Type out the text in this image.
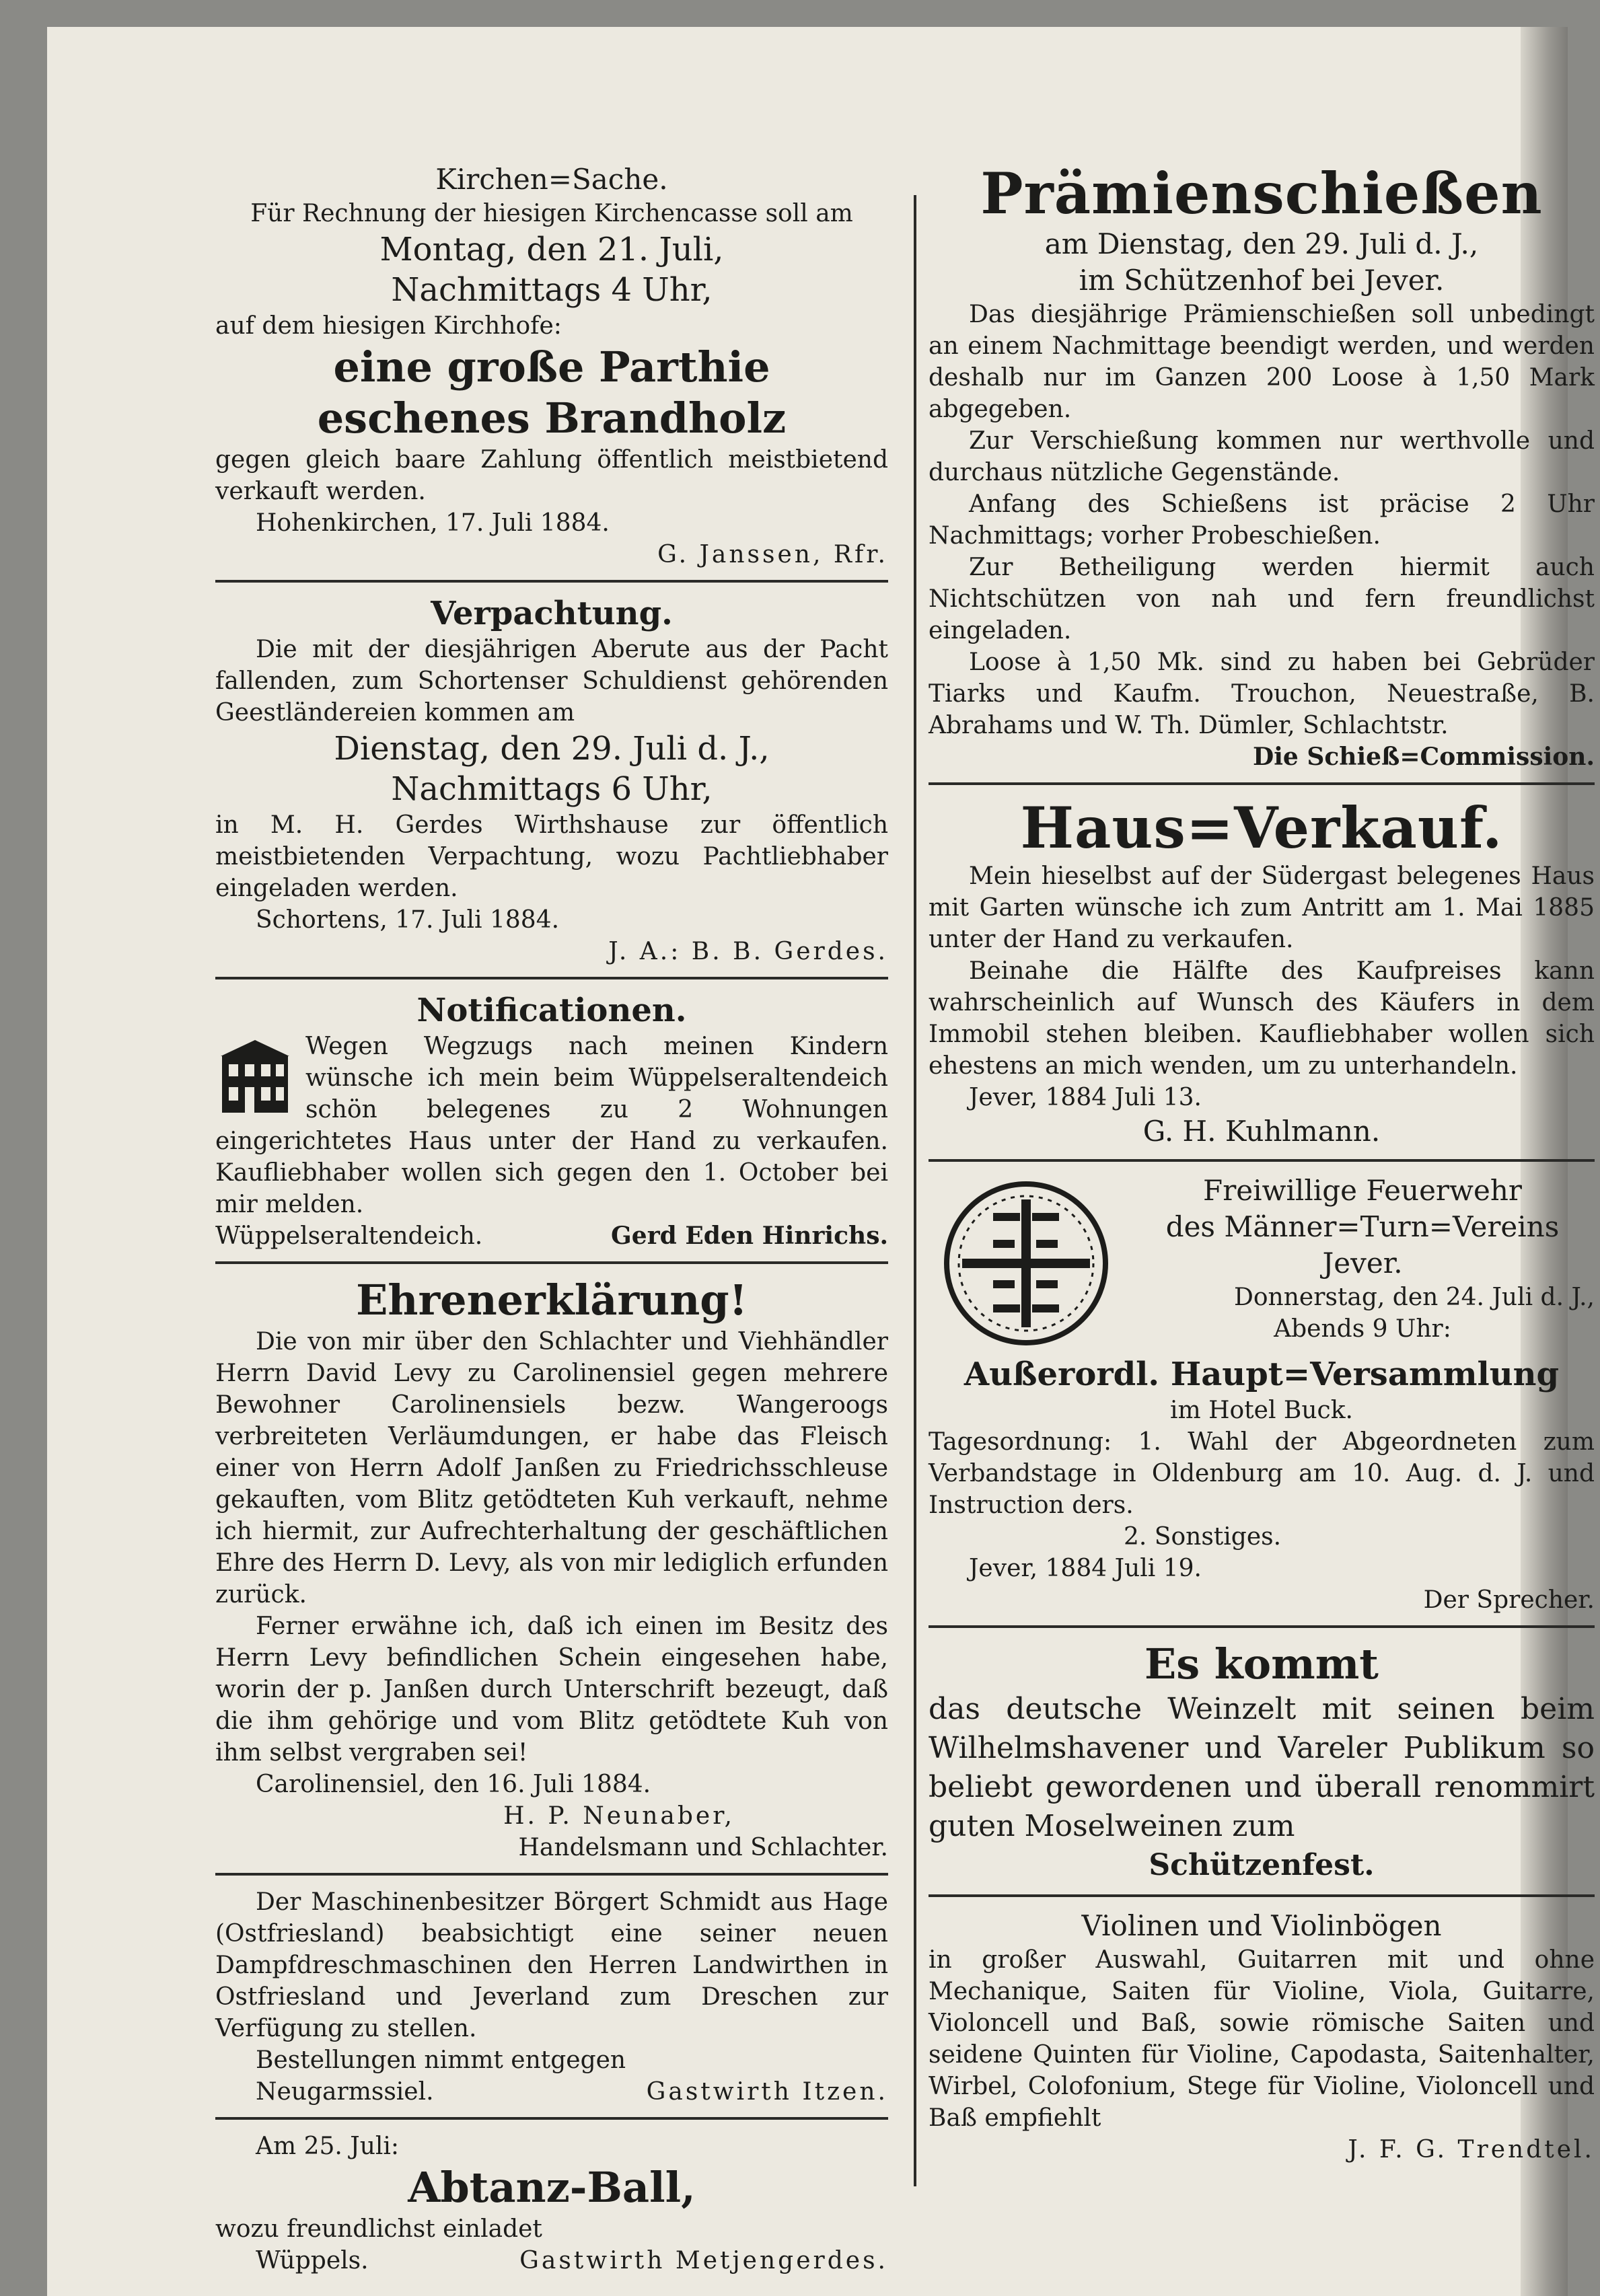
Kirchen=Sache.

Für Rechnung der hiesigen Kirchencasse soll am

Montag, den 21. Juli,

Nachmittags 4 Uhr,

auf dem hiesigen Kirchhofe:

eine große Parthie

eschenes Brandholz

gegen gleich baare Zahlung öffentlich meistbietend verkauft werden.

Hohenkirchen, 17. Juli 1884.

G. Janssen, Rfr.

Verpachtung.

Die mit der diesjährigen Aberute aus der Pacht fallenden, zum Schortenser Schuldienst gehörenden Geestländereien kommen am

Dienstag, den 29. Juli d. J.,

Nachmittags 6 Uhr,

in M. H. Gerdes Wirthshause zur öffentlich meistbietenden Verpachtung, wozu Pachtliebhaber eingeladen werden.

Schortens, 17. Juli 1884.

J. A.: B. B. Gerdes.

Notificationen.

Wegen Wegzugs nach meinen Kindern wünsche ich mein beim Wüppelseraltendeich schön belegenes zu 2 Wohnungen eingerichtetes Haus unter der Hand zu verkaufen. Kaufliebhaber wollen sich gegen den 1. October bei mir melden.

Wüppelseraltendeich.	Gerd Eden Hinrichs.

Ehrenerklärung!

Die von mir über den Schlachter und Viehhändler Herrn David Levy zu Carolinensiel gegen mehrere Bewohner Carolinensiels bezw. Wangeroogs verbreiteten Verläumdungen, er habe das Fleisch einer von Herrn Adolf Janßen zu Friedrichsschleuse gekauften, vom Blitz getödteten Kuh verkauft, nehme ich hiermit, zur Aufrechterhaltung der geschäftlichen Ehre des Herrn D. Levy, als von mir lediglich erfunden zurück.

Ferner erwähne ich, daß ich einen im Besitz des Herrn Levy befindlichen Schein eingesehen habe, worin der p. Janßen durch Unterschrift bezeugt, daß die ihm gehörige und vom Blitz getödtete Kuh von ihm selbst vergraben sei!

Carolinensiel, den 16. Juli 1884.

H. P. Neunaber,

Handelsmann und Schlachter.

Der Maschinenbesitzer Börgert Schmidt aus Hage (Ostfriesland) beabsichtigt eine seiner neuen Dampfdreschmaschinen den Herren Landwirthen in Ostfriesland und Jeverland zum Dreschen zur Verfügung zu stellen.

Bestellungen nimmt entgegen

Neugarmssiel.	Gastwirth Itzen.

Am 25. Juli:

Abtanz-Ball,

wozu freundlichst einladet

Wüppels.	Gastwirth Metjengerdes.

Prämienschießen

am Dienstag, den 29. Juli d. J.,

im Schützenhof bei Jever.

Das diesjährige Prämienschießen soll unbedingt an einem Nachmittage beendigt werden, und werden deshalb nur im Ganzen 200 Loose à 1,50 Mark abgegeben.

Zur Verschießung kommen nur werthvolle und durchaus nützliche Gegenstände.

Anfang des Schießens ist präcise 2 Uhr Nachmittags; vorher Probeschießen.

Zur Betheiligung werden hiermit auch Nichtschützen von nah und fern freundlichst eingeladen.

Loose à 1,50 Mk. sind zu haben bei Gebrüder Tiarks und Kaufm. Trouchon, Neuestraße, B. Abrahams und W. Th. Dümler, Schlachtstr.

Die Schieß=Commission.

Haus=Verkauf.

Mein hieselbst auf der Südergast belegenes Haus mit Garten wünsche ich zum Antritt am 1. Mai 1885 unter der Hand zu verkaufen.

Beinahe die Hälfte des Kaufpreises kann wahrscheinlich auf Wunsch des Käufers in dem Immobil stehen bleiben. Kaufliebhaber wollen sich ehestens an mich wenden, um zu unterhandeln.

Jever, 1884 Juli 13.

G. H. Kuhlmann.

Freiwillige Feuerwehr

des Männer=Turn=Vereins

Jever.

Donnerstag, den 24. Juli d. J.,

Abends 9 Uhr:

Außerordl. Haupt=Versammlung

im Hotel Buck.

Tagesordnung: 1. Wahl der Abgeordneten zum Verbandstage in Oldenburg am 10. Aug. d. J. und Instruction ders.

2. Sonstiges.

Jever, 1884 Juli 19.

Der Sprecher.

Es kommt

das deutsche Weinzelt mit seinen beim Wilhelmshavener und Vareler Publikum so beliebt gewordenen und überall renommirt guten Moselweinen zum

Schützenfest.

Violinen und Violinbögen

in großer Auswahl, Guitarren mit und ohne Mechanique, Saiten für Violine, Viola, Guitarre, Violoncell und Baß, sowie römische Saiten und seidene Quinten für Violine, Capodasta, Saitenhalter, Wirbel, Colofonium, Stege für Violine, Violoncell und Baß empfiehlt

J. F. G. Trendtel.
